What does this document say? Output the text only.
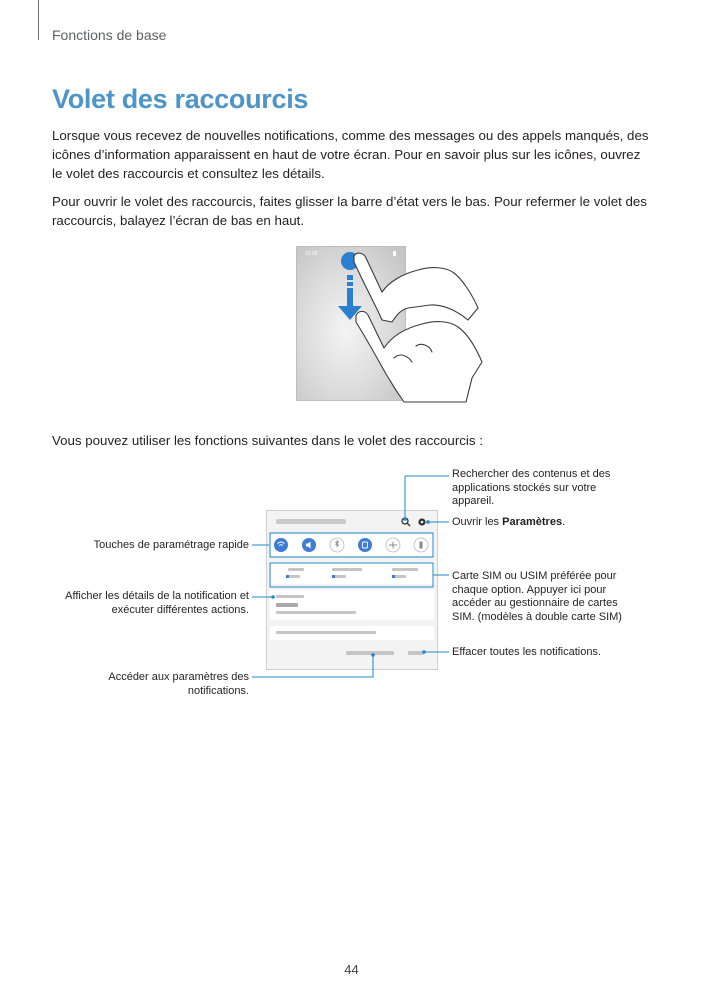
Fonctions de base
Volet des raccourcis

Lorsque vous recevez de nouvelles notifications, comme des messages ou des appels manqués, des icônes d’information apparaissent en haut de votre écran. Pour en savoir plus sur les icônes, ouvrez le volet des raccourcis et consultez les détails.

Pour ouvrir le volet des raccourcis, faites glisser la barre d’état vers le bas. Pour refermer le volet des raccourcis, balayez l’écran de bas en haut.

10:00

Vous pouvez utiliser les fonctions suivantes dans le volet des raccourcis :

Rechercher des contenus et des applications stockés sur votre appareil.
Ouvrir les Paramètres.
Touches de paramétrage rapide
Afficher les détails de la notification et exécuter différentes actions.
Accéder aux paramètres des notifications.
Carte SIM ou USIM préférée pour chaque option. Appuyer ici pour accéder au gestionnaire de cartes SIM. (modèles à double carte SIM)
Effacer toutes les notifications.
44
